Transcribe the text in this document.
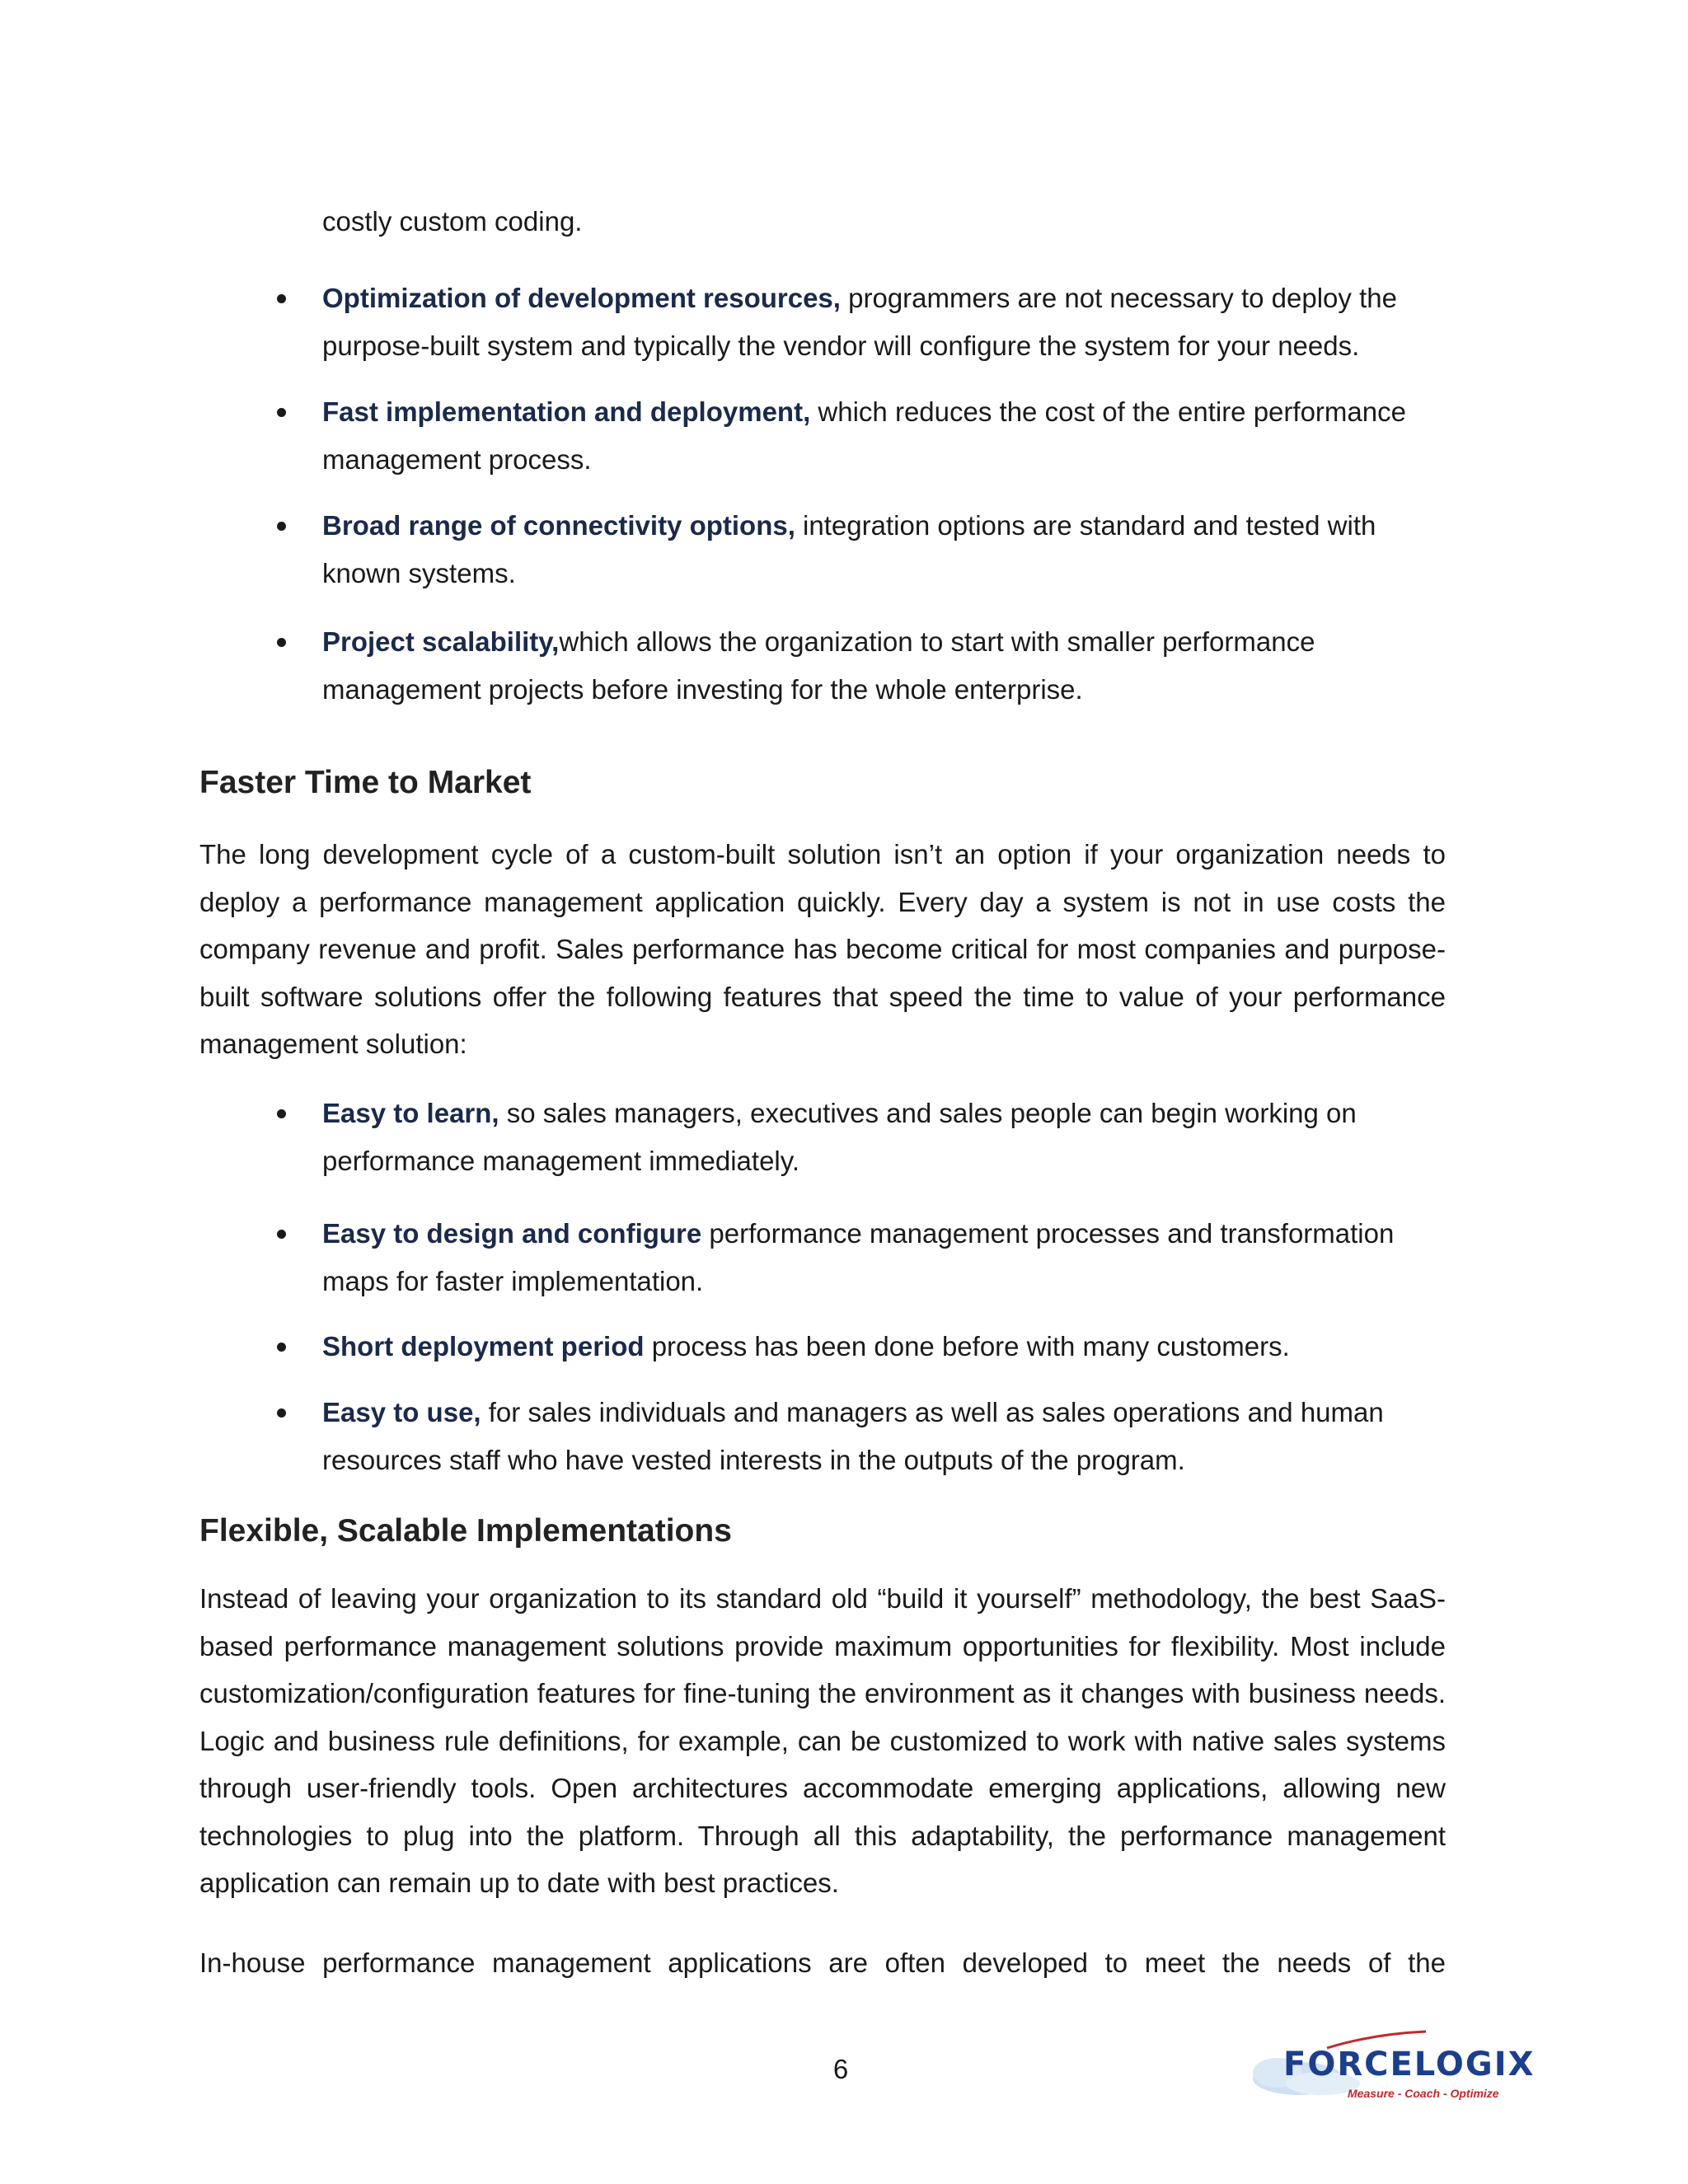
costly custom coding.
Optimization of development resources, programmers are not necessary to deploy the purpose-built system and typically the vendor will configure the system for your needs.
Fast implementation and deployment, which reduces the cost of the entire performance management process.
Broad range of connectivity options, integration options are standard and tested with known systems.
Project scalability,which allows the organization to start with smaller performance management projects before investing for the whole enterprise.
Faster Time to Market
The long development cycle of a custom-built solution isn’t an option if your organization needs to deploy a performance management application quickly. Every day a system is not in use costs the company revenue and profit. Sales performance has become critical for most companies and purpose-built software solutions offer the following features that speed the time to value of your performance management solution:
Easy to learn, so sales managers, executives and sales people can begin working on performance management immediately.
Easy to design and configure performance management processes and transformation maps for faster implementation.
Short deployment period process has been done before with many customers.
Easy to use, for sales individuals and managers as well as sales operations and human resources staff who have vested interests in the outputs of the program.
Flexible, Scalable Implementations
Instead of leaving your organization to its standard old “build it yourself” methodology, the best SaaS-based performance management solutions provide maximum opportunities for flexibility. Most include customization/configuration features for fine-tuning the environment as it changes with business needs. Logic and business rule definitions, for example, can be customized to work with native sales systems through user-friendly tools. Open architectures accommodate emerging applications, allowing new technologies to plug into the platform. Through all this adaptability, the performance management application can remain up to date with best practices.
In-house performance management applications are often developed to meet the needs of the
6	FORCELOGIX
Measure - Coach - Optimize
